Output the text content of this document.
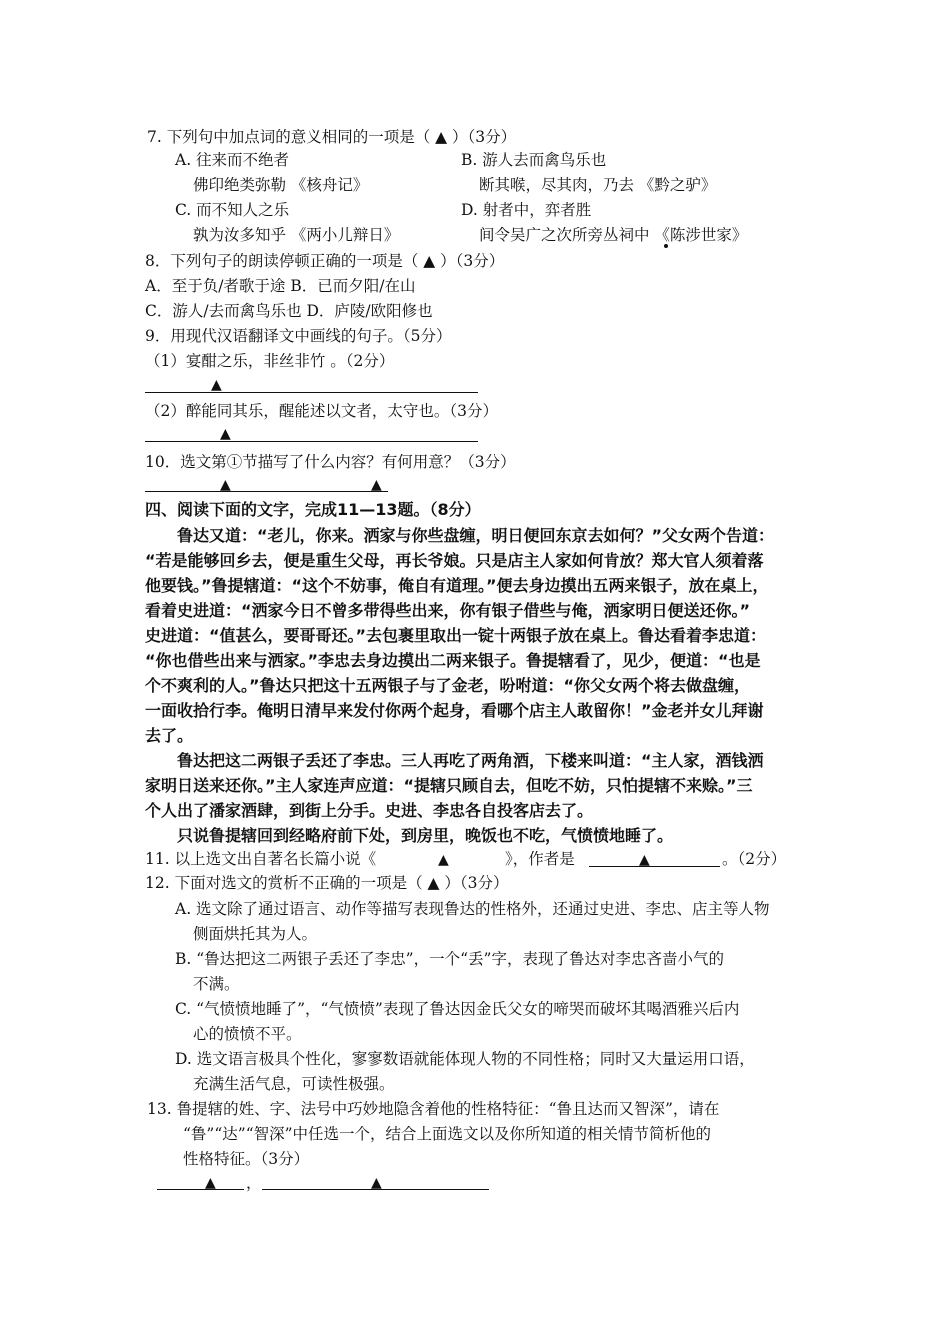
7. 下列句中加点词的意义相同的一项是（ ▲ ）（3分）
A. 往来而不绝者
佛印绝类弥勒 《核舟记》
B. 游人去而禽鸟乐也
断其喉，尽其肉，乃去 《黔之驴》
C. 而不知人之乐
孰为汝多知乎 《两小儿辩日》
D. 射者中，弈者胜
间令吴广之次所旁丛祠中 《陈涉世家》
8．下列句子的朗读停顿正确的一项是（ ▲ ）（3分）
A．至于负/者歌于途 B．已而夕阳/在山
C．游人/去而禽鸟乐也 D．庐陵/欧阳修也
9．用现代汉语翻译文中画线的句子。（5分）
（1）宴酣之乐，非丝非竹 。（2分）
▲
（2）醉能同其乐，醒能述以文者，太守也。（3分）
▲
10．选文第①节描写了什么内容？有何用意？（3分）
▲	▲
四、阅读下面的文字，完成11—13题。（8分）
鲁达又道：“老儿，你来。洒家与你些盘缠，明日便回东京去如何？”父女两个告道：
“若是能够回乡去，便是重生父母，再长爷娘。只是店主人家如何肯放？郑大官人须着落
他要钱。”鲁提辖道：“这个不妨事，俺自有道理。”便去身边摸出五两来银子，放在桌上，
看着史进道：“洒家今日不曾多带得些出来，你有银子借些与俺，洒家明日便送还你。”
史进道：“值甚么，要哥哥还。”去包裹里取出一锭十两银子放在桌上。鲁达看着李忠道：
“你也借些出来与洒家。”李忠去身边摸出二两来银子。鲁提辖看了，见少，便道：“也是
个不爽利的人。”鲁达只把这十五两银子与了金老，吩咐道：“你父女两个将去做盘缠，
一面收拾行李。俺明日清早来发付你两个起身，看哪个店主人敢留你！”金老并女儿拜谢
去了。
鲁达把这二两银子丢还了李忠。三人再吃了两角酒，下楼来叫道：“主人家，酒钱洒
家明日送来还你。”主人家连声应道：“提辖只顾自去，但吃不妨，只怕提辖不来赊。”三
个人出了潘家酒肆，到街上分手。史进、李忠各自投客店去了。
只说鲁提辖回到经略府前下处，到房里，晚饭也不吃，气愤愤地睡了。
11. 以上选文出自著名长篇小说《	▲	》，作者是	▲	。（2分）
12. 下面对选文的赏析不正确的一项是（ ▲ ）（3分）
A. 选文除了通过语言、动作等描写表现鲁达的性格外，还通过史进、李忠、店主等人物
侧面烘托其为人。
B. “鲁达把这二两银子丢还了李忠”，一个“丢”字，表现了鲁达对李忠吝啬小气的
不满。
C. “气愤愤地睡了”，“气愤愤”表现了鲁达因金氏父女的啼哭而破坏其喝酒雅兴后内
心的愤愤不平。
D. 选文语言极具个性化，寥寥数语就能体现人物的不同性格；同时又大量运用口语，
充满生活气息，可读性极强。
13. 鲁提辖的姓、字、法号中巧妙地隐含着他的性格特征：“鲁且达而又智深”，请在
“鲁”“达”“智深”中任选一个，结合上面选文以及你所知道的相关情节简析他的
性格特征。（3分）
▲ ，	▲
